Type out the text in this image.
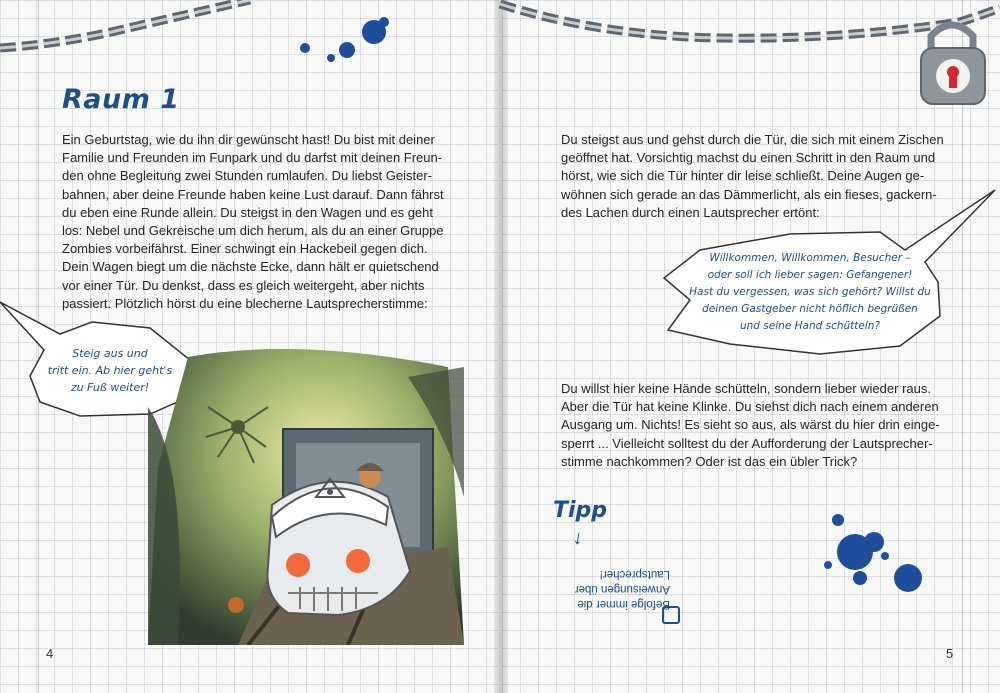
Raum 1
Ein Geburtstag, wie du ihn dir gewünscht hast! Du bist mit deiner
Familie und Freunden im Funpark und du darfst mit deinen Freun-
den ohne Begleitung zwei Stunden rumlaufen. Du liebst Geister-
bahnen, aber deine Freunde haben keine Lust darauf. Dann fährst
du eben eine Runde allein. Du steigst in den Wagen und es geht
los: Nebel und Gekreische um dich herum, als du an einer Gruppe
Zombies vorbeifährst. Einer schwingt ein Hackebeil gegen dich.
Dein Wagen biegt um die nächste Ecke, dann hält er quietschend
vor einer Tür. Du denkst, dass es gleich weitergeht, aber nichts
passiert. Plötzlich hörst du eine blecherne Lautsprecherstimme:
Steig aus und
tritt ein. Ab hier geht's
zu Fuß weiter!
4
Du steigst aus und gehst durch die Tür, die sich mit einem Zischen
geöffnet hat. Vorsichtig machst du einen Schritt in den Raum und
hörst, wie sich die Tür hinter dir leise schließt. Deine Augen ge-
wöhnen sich gerade an das Dämmerlicht, als ein fieses, gackern-
des Lachen durch einen Lautsprecher ertönt:
Willkommen, Willkommen, Besucher –
oder soll ich lieber sagen: Gefangener!
Hast du vergessen, was sich gehört? Willst du
deinen Gastgeber nicht höflich begrüßen
und seine Hand schütteln?
Du willst hier keine Hände schütteln, sondern lieber wieder raus.
Aber die Tür hat keine Klinke. Du siehst dich nach einem anderen
Ausgang um. Nichts! Es sieht so aus, als wärst du hier drin einge-
sperrt ... Vielleicht solltest du der Aufforderung der Lautsprecher-
stimme nachkommen? Oder ist das ein übler Trick?
Tipp
↓
Befolge immer die
Anweisungen über
Lautsprecher!
5
